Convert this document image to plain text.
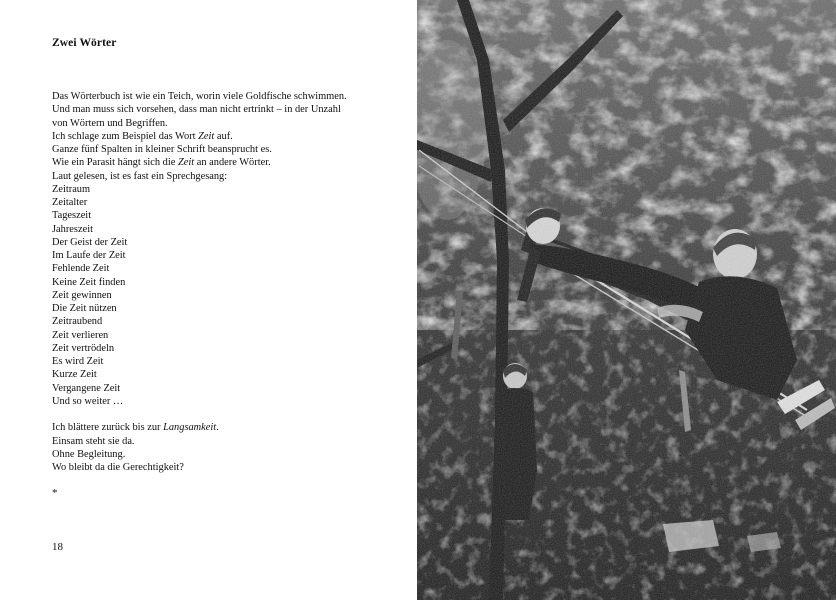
Zwei Wörter
Das Wörterbuch ist wie ein Teich, worin viele Goldfische schwimmen.
Und man muss sich vorsehen, dass man nicht ertrinkt – in der Unzahl
von Wörtern und Begriffen.
Ich schlage zum Beispiel das Wort Zeit auf.
Ganze fünf Spalten in kleiner Schrift beansprucht es.
Wie ein Parasit hängt sich die Zeit an andere Wörter.
Laut gelesen, ist es fast ein Sprechgesang:
Zeitraum
Zeitalter
Tageszeit
Jahreszeit
Der Geist der Zeit
Im Laufe der Zeit
Fehlende Zeit
Keine Zeit finden
Zeit gewinnen
Die Zeit nützen
Zeitraubend
Zeit verlieren
Zeit vertrödeln
Es wird Zeit
Kurze Zeit
Vergangene Zeit
Und so weiter …
Ich blättere zurück bis zur Langsamkeit.
Einsam steht sie da.
Ohne Begleitung.
Wo bleibt da die Gerechtigkeit?
*
18
